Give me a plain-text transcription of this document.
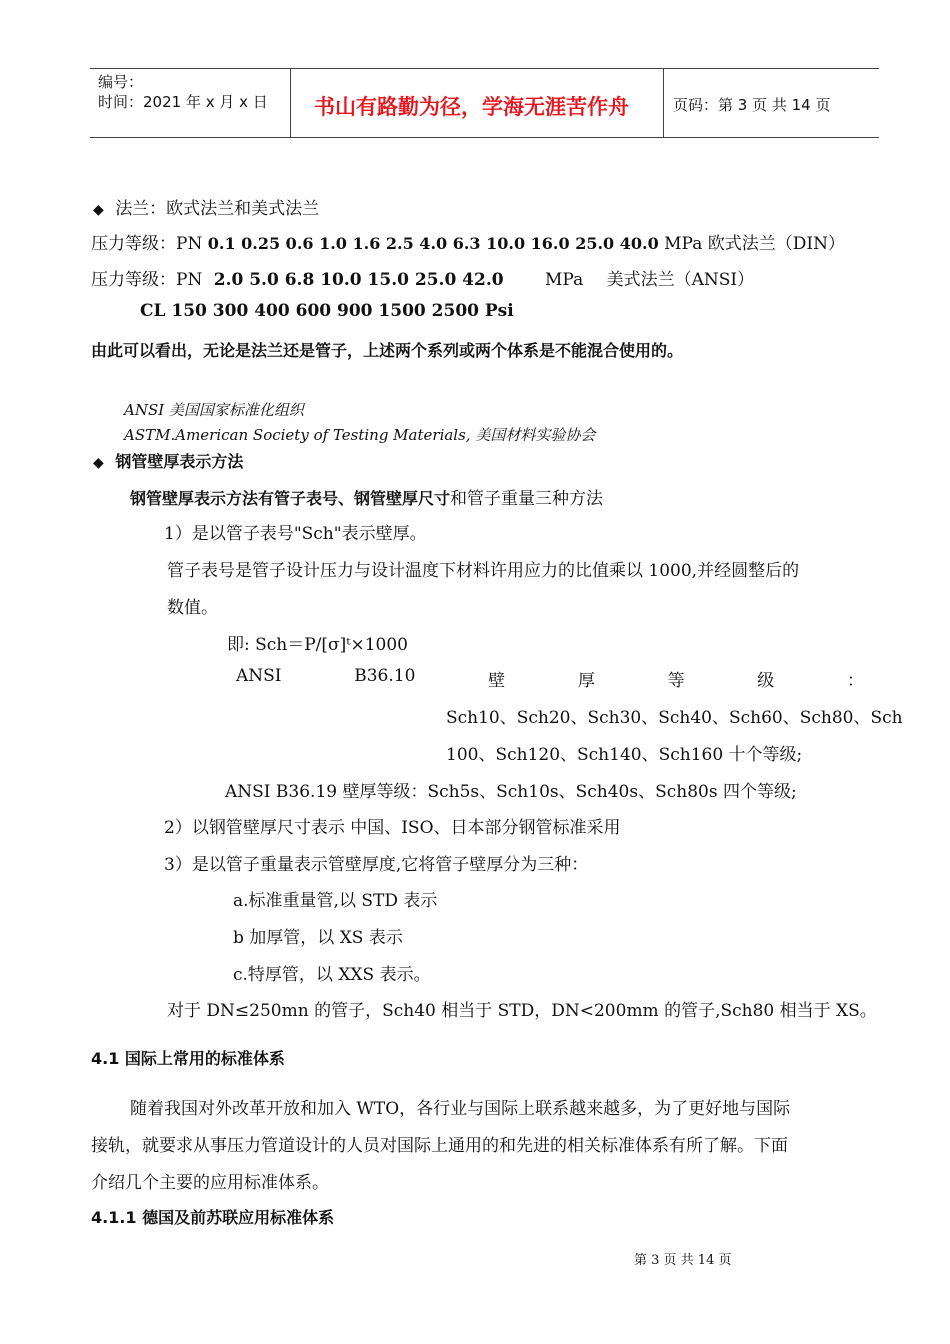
编号：
时间：2021 年 x 月 x 日 书山有路勤为径，学海无涯苦作舟	页码：第 3 页 共 14 页
◆ 法兰：欧式法兰和美式法兰
压力等级：PN 0.1 0.25 0.6 1.0 1.6 2.5 4.0 6.3 10.0 16.0 25.0 40.0 MPa 欧式法兰（DIN）
压力等级：PN 2.0 5.0 6.8 10.0 15.0 25.0 42.0 MPa 美式法兰（ANSI）
CL 150 300 400 600 900 1500 2500 Psi
由此可以看出，无论是法兰还是管子，上述两个系列或两个体系是不能混合使用的。
ANSI 美国国家标准化组织
ASTM.American Society of Testing Materials, 美国材料实验协会
◆ 钢管壁厚表示方法
钢管壁厚表示方法有管子表号、钢管壁厚尺寸和管子重量三种方法
1）是以管子表号"Sch"表示壁厚。
管子表号是管子设计压力与设计温度下材料许用应力的比值乘以 1000,并经圆整后的
数值。
即: Sch＝P/[σ]ᵗ×1000
ANSI	B36.10	壁	厚	等	级	：
Sch10、Sch20、Sch30、Sch40、Sch60、Sch80、Sch
100、Sch120、Sch140、Sch160 十个等级;
ANSI B36.19 壁厚等级：Sch5s、Sch10s、Sch40s、Sch80s 四个等级;
2）以钢管壁厚尺寸表示 中国、ISO、日本部分钢管标准采用
3）是以管子重量表示管壁厚度,它将管子壁厚分为三种：
a.标准重量管,以 STD 表示
b 加厚管，以 XS 表示
c.特厚管，以 XXS 表示。
对于 DN≤250mn 的管子，Sch40 相当于 STD，DN<200mm 的管子,Sch80 相当于 XS。
4.1 国际上常用的标准体系
随着我国对外改革开放和加入 WTO，各行业与国际上联系越来越多，为了更好地与国际
接轨，就要求从事压力管道设计的人员对国际上通用的和先进的相关标准体系有所了解。下面
介绍几个主要的应用标准体系。
4.1.1 德国及前苏联应用标准体系
第 3 页 共 14 页
